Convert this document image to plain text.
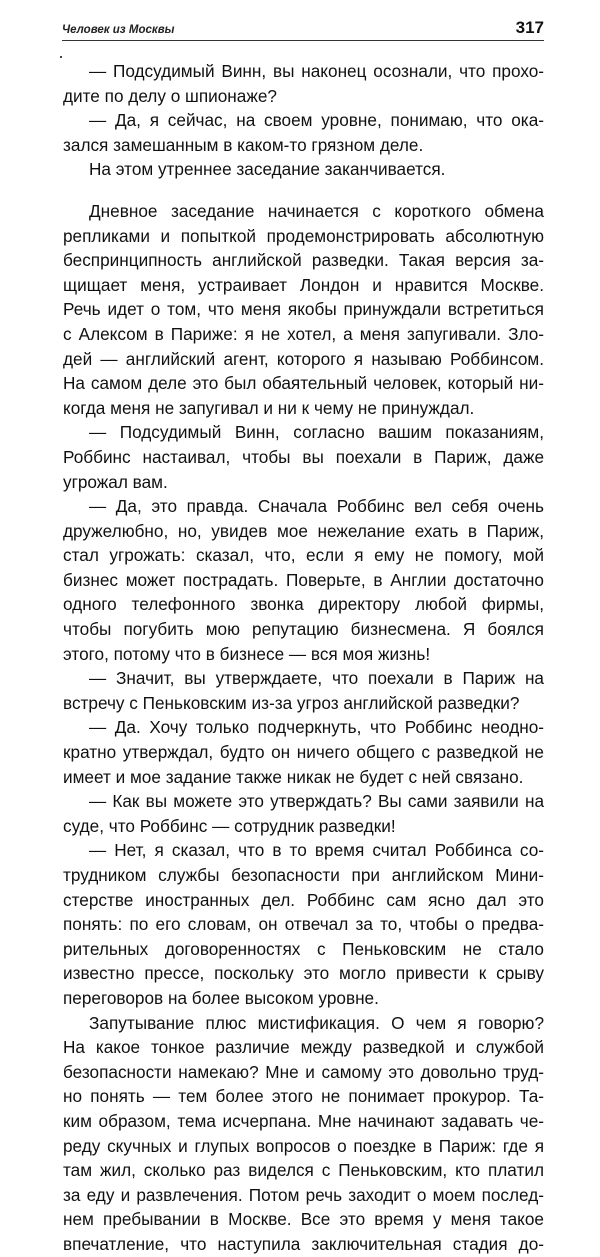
Человек из Москвы	317
— Подсудимый Винн, вы наконец осознали, что прохо-
дите по делу о шпионаже?
— Да, я сейчас, на своем уровне, понимаю, что ока-
зался замешанным в каком-то грязном деле.
На этом утреннее заседание заканчивается.
Дневное заседание начинается с короткого обмена
репликами и попыткой продемонстрировать абсолютную
беспринципность английской разведки. Такая версия за-
щищает меня, устраивает Лондон и нравится Москве.
Речь идет о том, что меня якобы принуждали встретиться
с Алексом в Париже: я не хотел, а меня запугивали. Зло-
дей — английский агент, которого я называю Роббинсом.
На самом деле это был обаятельный человек, который ни-
когда меня не запугивал и ни к чему не принуждал.
— Подсудимый Винн, согласно вашим показаниям,
Роббинс настаивал, чтобы вы поехали в Париж, даже
угрожал вам.
— Да, это правда. Сначала Роббинс вел себя очень
дружелюбно, но, увидев мое нежелание ехать в Париж,
стал угрожать: сказал, что, если я ему не помогу, мой
бизнес может пострадать. Поверьте, в Англии достаточно
одного телефонного звонка директору любой фирмы,
чтобы погубить мою репутацию бизнесмена. Я боялся
этого, потому что в бизнесе — вся моя жизнь!
— Значит, вы утверждаете, что поехали в Париж на
встречу с Пеньковским из-за угроз английской разведки?
— Да. Хочу только подчеркнуть, что Роббинс неодно-
кратно утверждал, будто он ничего общего с разведкой не
имеет и мое задание также никак не будет с ней связано.
— Как вы можете это утверждать? Вы сами заявили на
суде, что Роббинс — сотрудник разведки!
— Нет, я сказал, что в то время считал Роббинса со-
трудником службы безопасности при английском Мини-
стерстве иностранных дел. Роббинс сам ясно дал это
понять: по его словам, он отвечал за то, чтобы о предва-
рительных договоренностях с Пеньковским не стало
известно прессе, поскольку это могло привести к срыву
переговоров на более высоком уровне.
Запутывание плюс мистификация. О чем я говорю?
На какое тонкое различие между разведкой и службой
безопасности намекаю? Мне и самому это довольно труд-
но понять — тем более этого не понимает прокурор. Та-
ким образом, тема исчерпана. Мне начинают задавать че-
реду скучных и глупых вопросов о поездке в Париж: где я
там жил, сколько раз виделся с Пеньковским, кто платил
за еду и развлечения. Потом речь заходит о моем послед-
нем пребывании в Москве. Все это время у меня такое
впечатление, что наступила заключительная стадия до-
